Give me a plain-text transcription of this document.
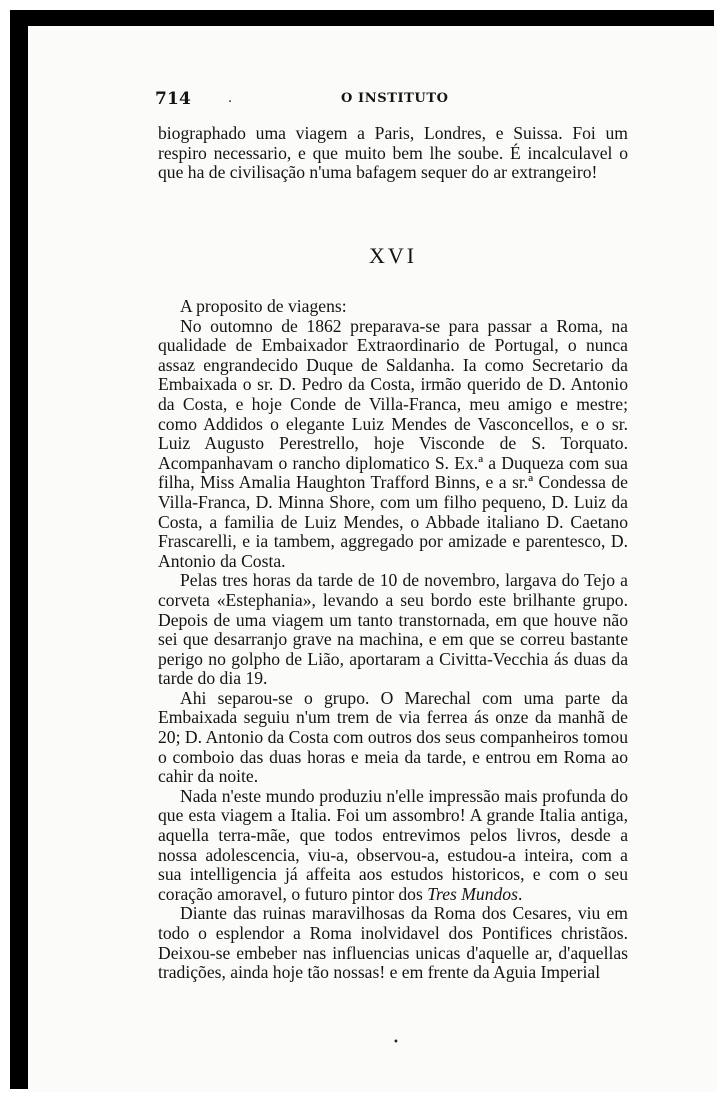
714	.	O INSTITUTO

biographado uma viagem a Paris, Londres, e Suissa. Foi um respiro necessario, e que muito bem lhe soube. É incalculavel o que ha de civilisação n'uma bafagem sequer do ar extrangeiro!

XVI

A proposito de viagens:

No outomno de 1862 preparava-se para passar a Roma, na qualidade de Embaixador Extraordinario de Portugal, o nunca assaz engrandecido Duque de Saldanha. Ia como Secretario da Embaixada o sr. D. Pedro da Costa, irmão querido de D. Antonio da Costa, e hoje Conde de Villa-Franca, meu amigo e mestre; como Addidos o elegante Luiz Mendes de Vasconcellos, e o sr. Luiz Augusto Perestrello, hoje Visconde de S. Torquato. Acompanhavam o rancho diplomatico S. Ex.ª a Duqueza com sua filha, Miss Amalia Haughton Trafford Binns, e a sr.ª Condessa de Villa-Franca, D. Minna Shore, com um filho pequeno, D. Luiz da Costa, a familia de Luiz Mendes, o Abbade italiano D. Caetano Frascarelli, e ia tambem, aggregado por amizade e parentesco, D. Antonio da Costa.

Pelas tres horas da tarde de 10 de novembro, largava do Tejo a corveta «Estephania», levando a seu bordo este brilhante grupo. Depois de uma viagem um tanto transtornada, em que houve não sei que desarranjo grave na machina, e em que se correu bastante perigo no golpho de Lião, aportaram a Civitta-Vecchia ás duas da tarde do dia 19.

Ahi separou-se o grupo. O Marechal com uma parte da Embaixada seguiu n'um trem de via ferrea ás onze da manhã de 20; D. Antonio da Costa com outros dos seus companheiros tomou o comboio das duas horas e meia da tarde, e entrou em Roma ao cahir da noite.

Nada n'este mundo produziu n'elle impressão mais profunda do que esta viagem a Italia. Foi um assombro! A grande Italia antiga, aquella terra-mãe, que todos entrevimos pelos livros, desde a nossa adolescencia, viu-a, observou-a, estudou-a inteira, com a sua intelligencia já affeita aos estudos historicos, e com o seu coração amoravel, o futuro pintor dos Tres Mundos.

Diante das ruinas maravilhosas da Roma dos Cesares, viu em todo o esplendor a Roma inolvidavel dos Pontifices christãos. Deixou-se embeber nas influencias unicas d'aquelle ar, d'aquellas tradições, ainda hoje tão nossas! e em frente da Aguia Imperial

•
